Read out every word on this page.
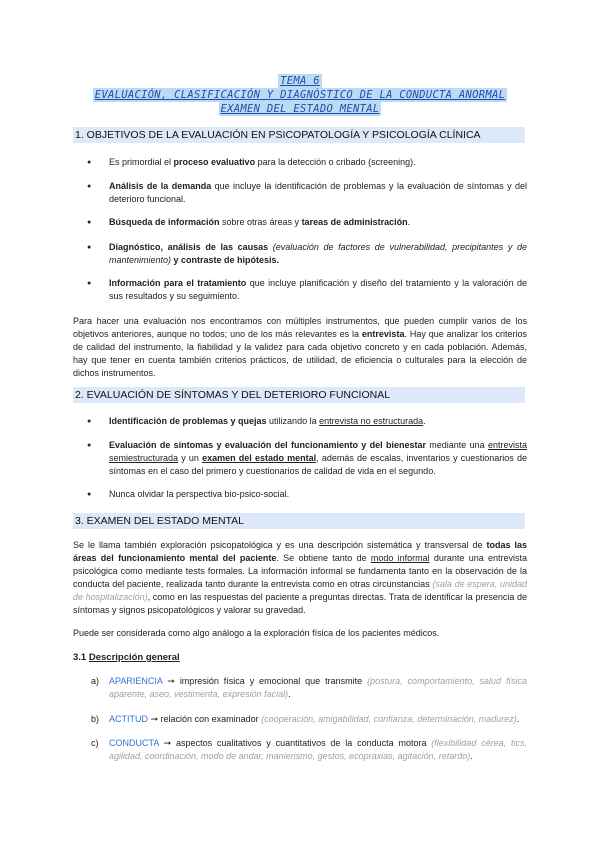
TEMA 6
EVALUACIÓN, CLASIFICACIÓN Y DIAGNÓSTICO DE LA CONDUCTA ANORMAL
EXAMEN DEL ESTADO MENTAL
1. OBJETIVOS DE LA EVALUACIÓN EN PSICOPATOLOGÍA Y PSICOLOGÍA CLÍNICA
● Es primordial el proceso evaluativo para la detección o cribado (screening).
● Análisis de la demanda que incluye la identificación de problemas y la evaluación de síntomas y del deterioro funcional.
● Búsqueda de información sobre otras áreas y tareas de administración.
● Diagnóstico, análisis de las causas (evaluación de factores de vulnerabilidad, precipitantes y de mantenimiento) y contraste de hipótesis.
● Información para el tratamiento que incluye planificación y diseño del tratamiento y la valoración de sus resultados y su seguimiento.

Para hacer una evaluación nos encontramos con múltiples instrumentos, que pueden cumplir varios de los objetivos anteriores, aunque no todos; uno de los más relevantes es la entrevista. Hay que analizar los criterios de calidad del instrumento, la fiabilidad y la validez para cada objetivo concreto y en cada población. Además, hay que tener en cuenta también criterios prácticos, de utilidad, de eficiencia o culturales para la elección de dichos instrumentos.

2. EVALUACIÓN DE SÍNTOMAS Y DEL DETERIORO FUNCIONAL
● Identificación de problemas y quejas utilizando la entrevista no estructurada.
● Evaluación de síntomas y evaluación del funcionamiento y del bienestar mediante una entrevista semiestructurada y un examen del estado mental, además de escalas, inventarios y cuestionarios de síntomas en el caso del primero y cuestionarios de calidad de vida en el segundo.
● Nunca olvidar la perspectiva bio-psico-social.
3. EXAMEN DEL ESTADO MENTAL

Se le llama también exploración psicopatológica y es una descripción sistemática y transversal de todas las áreas del funcionamiento mental del paciente. Se obtiene tanto de modo informal durante una entrevista psicológica como mediante tests formales. La información informal se fundamenta tanto en la observación de la conducta del paciente, realizada tanto durante la entrevista como en otras circunstancias (sala de espera, unidad de hospitalización), como en las respuestas del paciente a preguntas directas. Trata de identificar la presencia de síntomas y signos psicopatológicos y valorar su gravedad.

Puede ser considerada como algo análogo a la exploración física de los pacientes médicos.

3.1 Descripción general

a)	APARIENCIA ➞ impresión física y emocional que transmite (postura, comportamiento, salud física aparente, aseo, vestimenta, expresión facial).

b)	ACTITUD ➞ relación con examinador (cooperación, amigabilidad, confianza, determinación, madurez).

c)	CONDUCTA ➞ aspectos cualitativos y cuantitativos de la conducta motora (flexibilidad cérea, tics, agilidad, coordinación, modo de andar, manierismo, gestos, ecopraxias, agitación, retardo).
